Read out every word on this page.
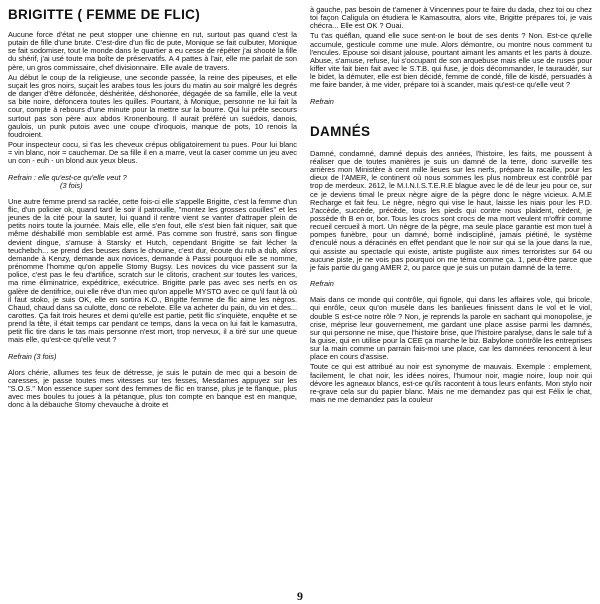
BRIGITTE ( FEMME DE FLIC)

Aucune force d'état ne peut stopper une chienne en rut, surtout pas quand c'est la putain de fille d'une brute. C'est-dire d'un flic de pute, Monique se fait culbuter, Monique se fait sodomiser, tout le monde dans le quartier a eu cesse de répéter j'ai shooté la fille du shérif, j'ai usé toute ma boîte de préservatifs. A 4 pattes à l'air, elle me parlait de son père, un gros commissaire, chef divisionnaire. Elle avale de travers.

Au début le coup de la religieuse, une seconde passée, la reine des pipeuses, et elle suçait les gros noirs, suçait les arabes tous les jours du matin au soir malgré les degrés de danger d'être défoncée, déshéritée, déshonorée, dégagée de sa famille, elle la veut sa bite noire, défoncera toutes les quilles. Pourtant, à Monique, personne ne lui fait la cour, compte à rebours d'une minute pour la mettre sur la bourre. Qui lui prête secours surtout pas son père aux abdos Kronenbourg. Il aurait préféré un suédois, danois, gaulois, un punk putois avec une coupe d'iroquois, manque de pots, 10 renois la foudroient.

Pour inspecteur cocu, si t'as les cheveux crépus obligatoirement tu pues. Pour lui blanc = vin blanc, noir = cauchemar. De sa fille il en a marre, veut la caser comme un jeu avec un con - euh - un blond aux yeux bleus.

Refrain : elle qu'est-ce qu'elle veut ?
(3 fois)

Une autre femme prend sa raclée, cette fois-ci elle s'appelle Brigitte, c'est la femme d'un flic, d'un policier ok, quand tard le soir il patrouille, "montez les grosses couilles" et les jeunes de la cité pour la sauter, lui quand il rentre vient se vanter d'attraper plein de petits noirs toute la journée. Mais elle, elle s'en fout, elle s'est bien fait niquer, sait que même déshabillé mon semblable est armé. Pas comme son frustré, sans son flingue devient dingue, s'amuse à Starsky et Hutch, cependant Brigitte se fait lécher la teuchebch... se prend des beuses dans le chouine, c'est dur, écoute du rub a dub, alors demande à Kenzy, demande aux novices, demande à Passi pourquoi elle se nomme, prénomme l'homme qu'on appelle Stomy Bugsy. Les novices du vice passent sur la police, c'est pas le feu d'artifice, scratch sur le clitoris, crachent sur toutes les varices, ma rime éliminatrice, expéditrice, exécutrice. Brigitte parle pas avec ses nerfs en os galère de dentifrice, oui elle rêve d'un mec qu'on appelle MYSTO avec ce qu'il faut là où il faut stoko, je suis OK, elle en sortira K.O., Brigitte femme de flic aime les nègros. Chaud, chaud dans sa culotte, donc ce rebelote. Elle va acheter du pain, du vin et des... carottes. Ça fait trois heures et demi qu'elle est partie, petit flic s'inquiète, enquête et se prend la tête, il était temps car pendant ce temps, dans la veca on lui fait le kamasutra, petit flic tire dans le tas mais personne n'est mort, trop nerveux, il a tiré sur une queue mais elle, qu'est-ce qu'elle veut ?

Refrain (3 fois)

Alors chérie, allumes tes feux de détresse, je suis le putain de mec qui a besoin de caresses, je passe toutes mes vitesses sur tes fesses, Mesdames appuyez sur les "S.O.S." Mon essence super sont des femmes de flic en transe, plus je te flanque, plus avec mes boules tu joues à la pétanque, plus ton compte en banque est en manque, donc à la débauche Stomy chevauche à droite et

à gauche, pas besoin de t'amener à Vincennes pour te faire du dada, chez toi ou chez toi façon Caligula on étudiera le Kamasoutra, alors vite, Brigitte prépares toi, je vais chécra... Elle est OK ? Ouai.

Tu t'as quéflan, quand elle suce sent-on le bout de ses dents ? Non. Est-ce qu'elle accumule, gesticule comme une mule. Alors démontre, ou montre nous comment tu l'encules. Epouse soi disant jalouse, pourtant aimant les amants et les parts à douze. Abuse, s'amuse, refuse, lui s'occupant de son arquebuse mais elle use de ruses pour kiffer vite fait bien fait avec le S.T.B. qui fuse, je dois décommander, le tauraudér, sur le bidet, la démuter, elle est bien décidé, femme de condé, fille de kisdé, persuadés à me faire bander, à me vider, prépare toi à scander, mais qu'est-ce qu'elle veut ?

Refrain

DAMNÉS

Damné, condamné, damné depuis des années, l'histoire, les faits, me poussent à réaliser que de toutes manières je suis un damné de la terre, donc surveille tes arrières mon Ministère à cent mille lieues sur les nerfs, prépare la racaille, pour les dieux de l'AMER, le continent où nous sommes les plus nombreux est contrôlé par trop de merdeux. 2612, le M.I.N.I.S.T.E.R.E blague avec le dé de leur jeu pour ce, sur ce je deviens timal le preux nègre aigre de la pègre donc le nègre vicieux. A.M.E Recharge et fait feu. Le nègre, nègro qui vise le haut, laisse les niais pour les P.D. J'accède, succède, précède, tous les pieds qui contre nous plaident, cèdent, je possède th B en or, bor. Tous les crocs sont crocs de ma mort veulent m'offrir comme recueil cercueil à mort. Un nègre de la pègre, ma seule place garantie est mon tuel à pompes funèbre, pour un damné, borné indiscipliné, jamais piétiné, le système d'enculé nous a déracinés en effet pendant que le noir sur qui se la joue dans la rue, qui assiste au spectacle qui existe, artiste pugiliste aux rimes terroristes sur 64 ou aucune piste, je ne vois pas pourquoi on me téma comme ça. 1, peut-être parce que je fais partie du gang AMER 2, ou parce que je suis un putain damné de la terre.

Refrain

Mais dans ce monde qui contrôle, qui fignole, qui dans les affaires vole, qui bricole, qui enrôle, ceux qu'on musèle dans les banlieues finissent dans le vol et le viol, double S est-ce notre rôle ? Non, je reprends la parole en sachant qui monopolise, je crise, méprise leur gouvernement, me gardant une place assise parmi les damnés, sur qui personne ne mise, que l'histoire brise, que l'histoire paralyse, dans le sale tuf à la guise, qui en utilise pour la CEE ça marche le biz. Babylone contrôle les entreprises sur la main comme un parrain fais-moi une place, car les damnées renoncent à leur place en cours d'assise.

Toute ce qui est attribué au noir est synonyme de mauvais. Exemple : emplement, facilement, le chat noir, les idées noires, l'humour noir, magie noire, loup noir qui dévore les agneaux blancs, est-ce qu'ils racontent à tous leurs enfants. Mon stylo noir re-grave cela sur du papier blanc. Mais ne me demandez pas qui est Félix le chat, mais ne me demandez pas la couleur

9
